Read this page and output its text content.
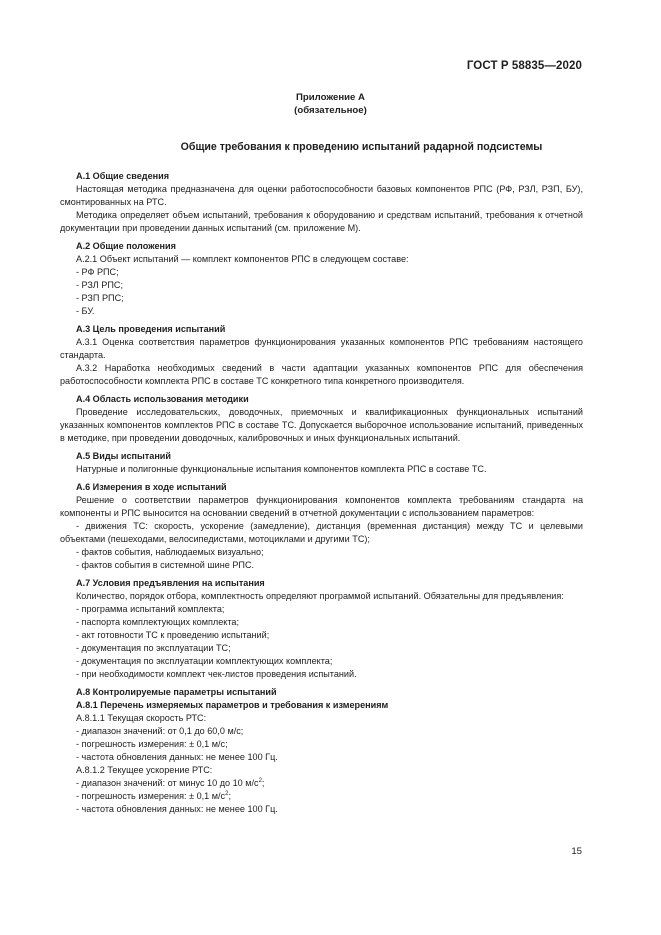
ГОСТ Р 58835—2020
Приложение А
(обязательное)
Общие требования к проведению испытаний радарной подсистемы
А.1 Общие сведения
Настоящая методика предназначена для оценки работоспособности базовых компонентов РПС (РФ, РЗЛ, РЗП, БУ), смонтированных на РТС.
Методика определяет объем испытаний, требования к оборудованию и средствам испытаний, требования к отчетной документации при проведении данных испытаний (см. приложение М).
А.2 Общие положения
А.2.1 Объект испытаний — комплект компонентов РПС в следующем составе:
- РФ РПС;
- РЗЛ РПС;
- РЗП РПС;
- БУ.
А.3 Цель проведения испытаний
А.3.1 Оценка соответствия параметров функционирования указанных компонентов РПС требованиям настоящего стандарта.
А.3.2 Наработка необходимых сведений в части адаптации указанных компонентов РПС для обеспечения работоспособности комплекта РПС в составе ТС конкретного типа конкретного производителя.
А.4 Область использования методики
Проведение исследовательских, доводочных, приемочных и квалификационных функциональных испытаний указанных компонентов комплектов РПС в составе ТС. Допускается выборочное использование испытаний, приведенных в методике, при проведении доводочных, калибровочных и иных функциональных испытаний.
А.5 Виды испытаний
Натурные и полигонные функциональные испытания компонентов комплекта РПС в составе ТС.
А.6 Измерения в ходе испытаний
Решение о соответствии параметров функционирования компонентов комплекта требованиям стандарта на компоненты и РПС выносится на основании сведений в отчетной документации с использованием параметров:
- движения ТС: скорость, ускорение (замедление), дистанция (временная дистанция) между ТС и целевыми объектами (пешеходами, велосипедистами, мотоциклами и другими ТС);
- фактов события, наблюдаемых визуально;
- фактов события в системной шине РПС.
А.7 Условия предъявления на испытания
Количество, порядок отбора, комплектность определяют программой испытаний. Обязательны для предъявления:
- программа испытаний комплекта;
- паспорта комплектующих комплекта;
- акт готовности ТС к проведению испытаний;
- документация по эксплуатации ТС;
- документация по эксплуатации комплектующих комплекта;
- при необходимости комплект чек-листов проведения испытаний.
А.8 Контролируемые параметры испытаний
А.8.1 Перечень измеряемых параметров и требования к измерениям
А.8.1.1 Текущая скорость РТС:
- диапазон значений: от 0,1 до 60,0 м/с;
- погрешность измерения: ± 0,1 м/с;
- частота обновления данных: не менее 100 Гц.
А.8.1.2 Текущее ускорение РТС:
- диапазон значений: от минус 10 до 10 $м/с^2$;
- погрешность измерения: ± 0,1 $м/с^2$;
- частота обновления данных: не менее 100 Гц.
15
